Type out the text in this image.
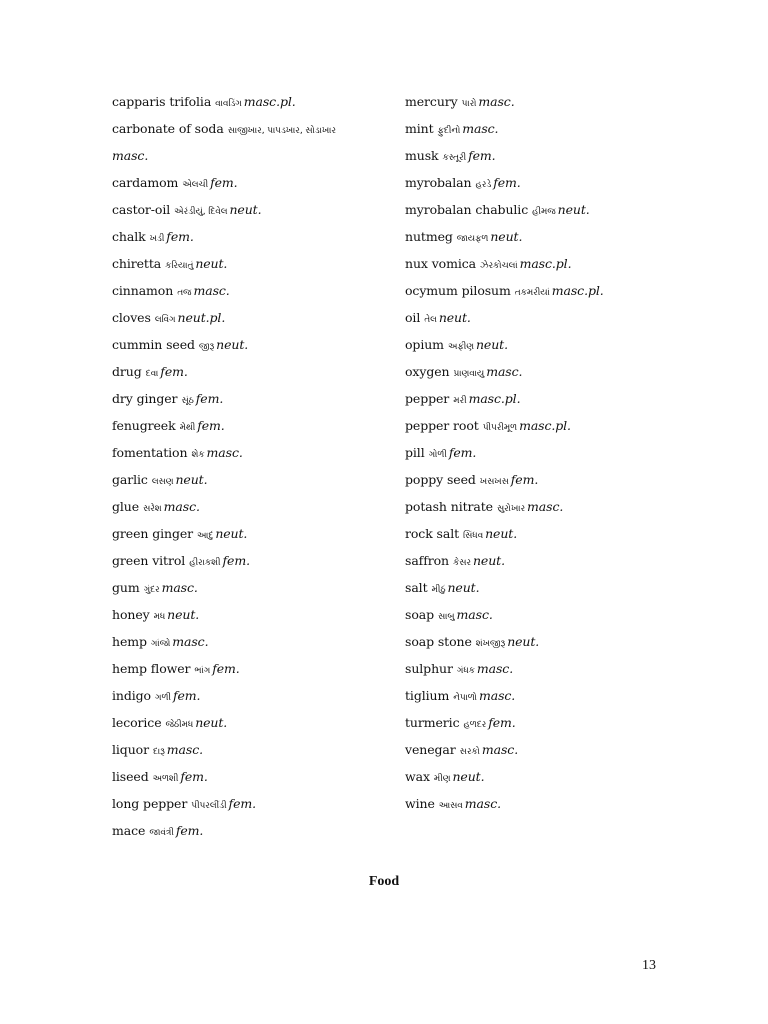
capparis trifolia વાવડિંગ masc.pl.
carbonate of soda સાજીખાર, પાપડખાર, સોડાખાર
masc.
cardamom એલચી fem.
castor-oil એરંડીયું, દિવેલ neut.
chalk ખડી fem.
chiretta કરિયાતું neut.
cinnamon તજ masc.
cloves લવિંગ neut.pl.
cummin seed જીરૂ neut.
drug દવા fem.
dry ginger સૂંઠ fem.
fenugreek મેથી fem.
fomentation શેક masc.
garlic લસણ neut.
glue સરેશ masc.
green ginger આદું neut.
green vitrol હીરાકશી fem.
gum ગુંદર masc.
honey મધ neut.
hemp ગાંજો masc.
hemp flower ભાંગ fem.
indigo ગળી fem.
lecorice જેઠીમધ neut.
liquor દારૂ masc.
liseed અળશી fem.
long pepper પીપરલીંડી fem.
mace જાવંત્રી fem.
mercury પારો masc.
mint ફુદીનો masc.
musk કસ્તૂરી fem.
myrobalan હરડે fem.
myrobalan chabulic હીમજ neut.
nutmeg જાયફળ neut.
nux vomica ઝેરકોચલાં masc.pl.
ocymum pilosum તકમરીયાં masc.pl.
oil તેલ neut.
opium અફીણ neut.
oxygen પ્રાણવાયુ masc.
pepper મરી masc.pl.
pepper root પીપરીમૂળ masc.pl.
pill ગોળી fem.
poppy seed ખસખસ fem.
potash nitrate સુરોખાર masc.
rock salt સિંધવ neut.
saffron કેસર neut.
salt મીઠું neut.
soap સાબુ masc.
soap stone શંખજીરૂ neut.
sulphur ગંધક masc.
tiglium નેપાળો masc.
turmeric હળદર fem.
venegar સરકો masc.
wax મીણ neut.
wine આસવ masc.
Food
13
